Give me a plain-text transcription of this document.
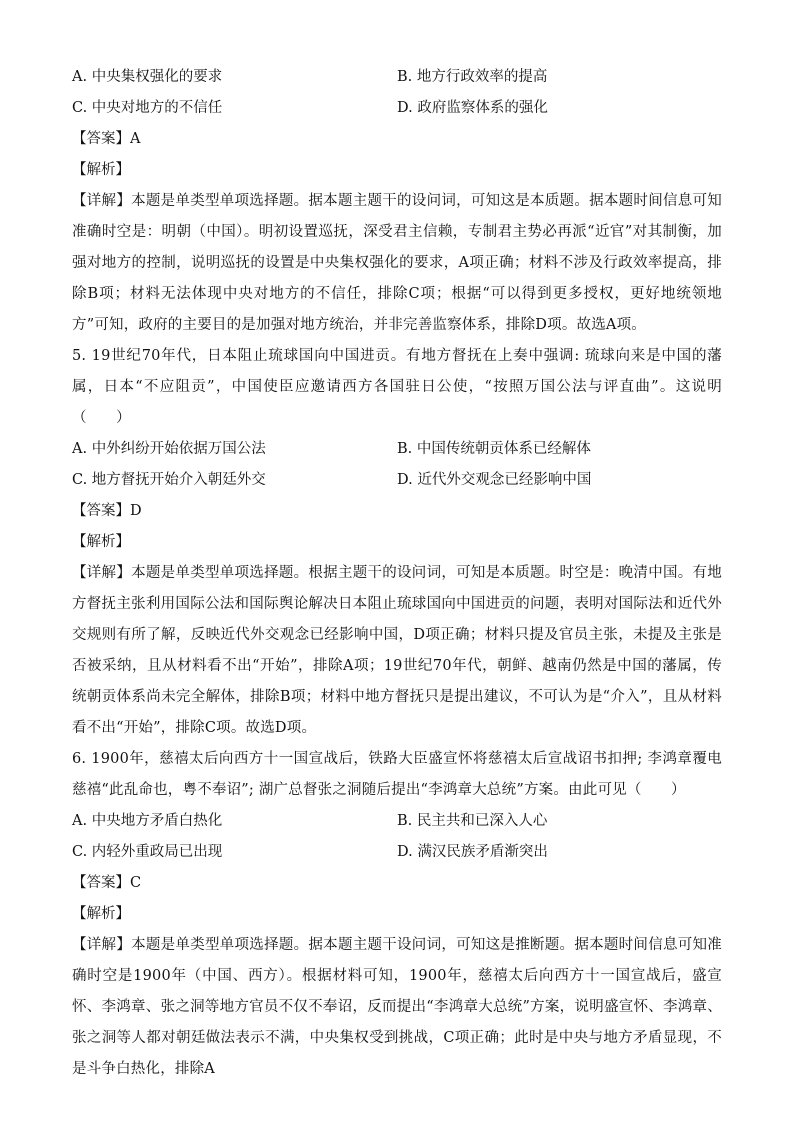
A. 中央集权强化的要求	B. 地方行政效率的提高
C. 中央对地方的不信任	D. 政府监察体系的强化
【答案】A
【解析】

【详解】本题是单类型单项选择题。据本题主题干的设问词，可知这是本质题。据本题时间信息可知准确时空是：明朝（中国）。明初设置巡抚，深受君主信赖，专制君主势必再派“近官”对其制衡，加强对地方的控制，说明巡抚的设置是中央集权强化的要求，A项正确；材料不涉及行政效率提高，排除B项；材料无法体现中央对地方的不信任，排除C项；根据“可以得到更多授权，更好地统领地方”可知，政府的主要目的是加强对地方统治，并非完善监察体系，排除D项。故选A项。

5. 19世纪70年代，日本阻止琉球国向中国进贡。有地方督抚在上奏中强调: 琉球向来是中国的藩属，日本“不应阻贡”，中国使臣应邀请西方各国驻日公使，“按照万国公法与评直曲”。这说明（　　）

A. 中外纠纷开始依据万国公法	B. 中国传统朝贡体系已经解体
C. 地方督抚开始介入朝廷外交	D. 近代外交观念已经影响中国
【答案】D
【解析】

【详解】本题是单类型单项选择题。根据主题干的设问词，可知是本质题。时空是：晚清中国。有地方督抚主张利用国际公法和国际舆论解决日本阻止琉球国向中国进贡的问题，表明对国际法和近代外交规则有所了解，反映近代外交观念已经影响中国，D项正确；材料只提及官员主张，未提及主张是否被采纳，且从材料看不出“开始”，排除A项；19世纪70年代，朝鲜、越南仍然是中国的藩属，传统朝贡体系尚未完全解体，排除B项；材料中地方督抚只是提出建议，不可认为是“介入”，且从材料看不出“开始”，排除C项。故选D项。

6. 1900年，慈禧太后向西方十一国宣战后，铁路大臣盛宣怀将慈禧太后宣战诏书扣押; 李鸿章覆电慈禧“此乱命也，粤不奉诏”; 湖广总督张之洞随后提出“李鸿章大总统”方案。由此可见（　　）

A. 中央地方矛盾白热化	B. 民主共和已深入人心
C. 内轻外重政局已出现	D. 满汉民族矛盾渐突出
【答案】C
【解析】

【详解】本题是单类型单项选择题。据本题主题干设问词，可知这是推断题。据本题时间信息可知准确时空是1900年（中国、西方）。根据材料可知，1900年，慈禧太后向西方十一国宣战后，盛宣怀、李鸿章、张之洞等地方官员不仅不奉诏，反而提出“李鸿章大总统”方案，说明盛宣怀、李鸿章、张之洞等人都对朝廷做法表示不满，中央集权受到挑战，C项正确；此时是中央与地方矛盾显现，不是斗争白热化，排除A
